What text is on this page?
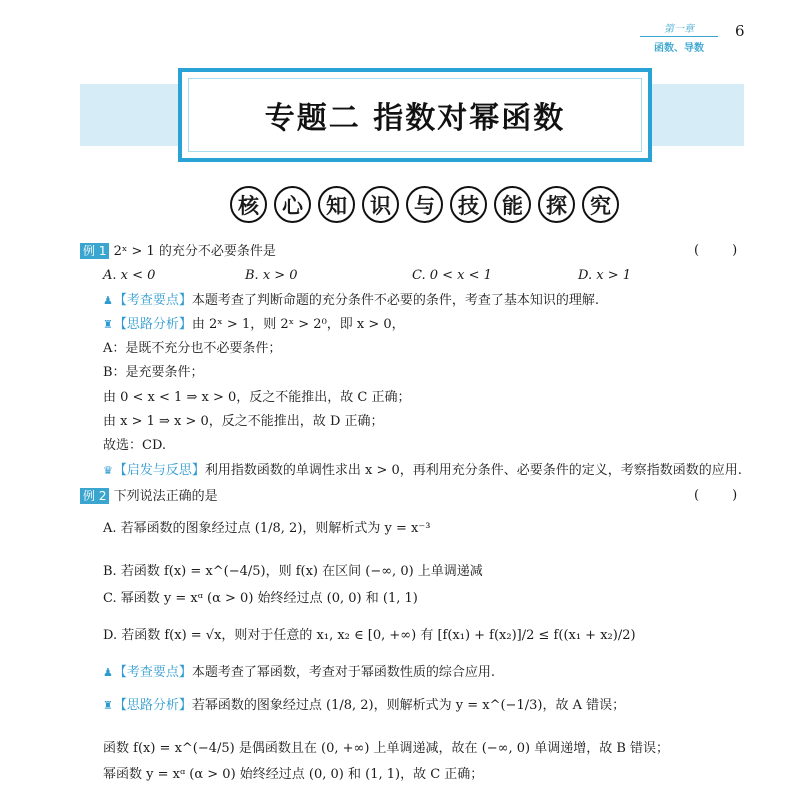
第一章
函数、导数
6
专题二 指数对幂函数
核	心	知	识	与	技	能	探	究
例 1 2ˣ > 1 的充分不必要条件是	(        )
A. x < 0	B. x > 0	C. 0 < x < 1	D. x > 1
♟【考查要点】本题考查了判断命题的充分条件不必要的条件，考查了基本知识的理解.
♜【思路分析】由 2ˣ > 1，则 2ˣ > 2⁰，即 x > 0，
A：是既不充分也不必要条件；
B：是充要条件；
由 0 < x < 1 ⇒ x > 0，反之不能推出，故 C 正确；
由 x > 1 ⇒ x > 0，反之不能推出，故 D 正确；
故选：CD.
♛【启发与反思】利用指数函数的单调性求出 x > 0，再利用充分条件、必要条件的定义，考察指数函数的应用.
例 2 下列说法正确的是	(        )
A. 若幂函数的图象经过点 (1/8, 2)，则解析式为 y = x⁻³
B. 若函数 f(x) = x^(−4/5)，则 f(x) 在区间 (−∞, 0) 上单调递减
C. 幂函数 y = xᵅ (α > 0) 始终经过点 (0, 0) 和 (1, 1)
D. 若函数 f(x) = √x，则对于任意的 x₁, x₂ ∈ [0, +∞) 有 [f(x₁) + f(x₂)]/2 ≤ f((x₁ + x₂)/2)
♟【考查要点】本题考查了幂函数，考查对于幂函数性质的综合应用.
♜【思路分析】若幂函数的图象经过点 (1/8, 2)，则解析式为 y = x^(−1/3)，故 A 错误；
函数 f(x) = x^(−4/5) 是偶函数且在 (0, +∞) 上单调递减，故在 (−∞, 0) 单调递增，故 B 错误；
幂函数 y = xᵅ (α > 0) 始终经过点 (0, 0) 和 (1, 1)，故 C 正确；
